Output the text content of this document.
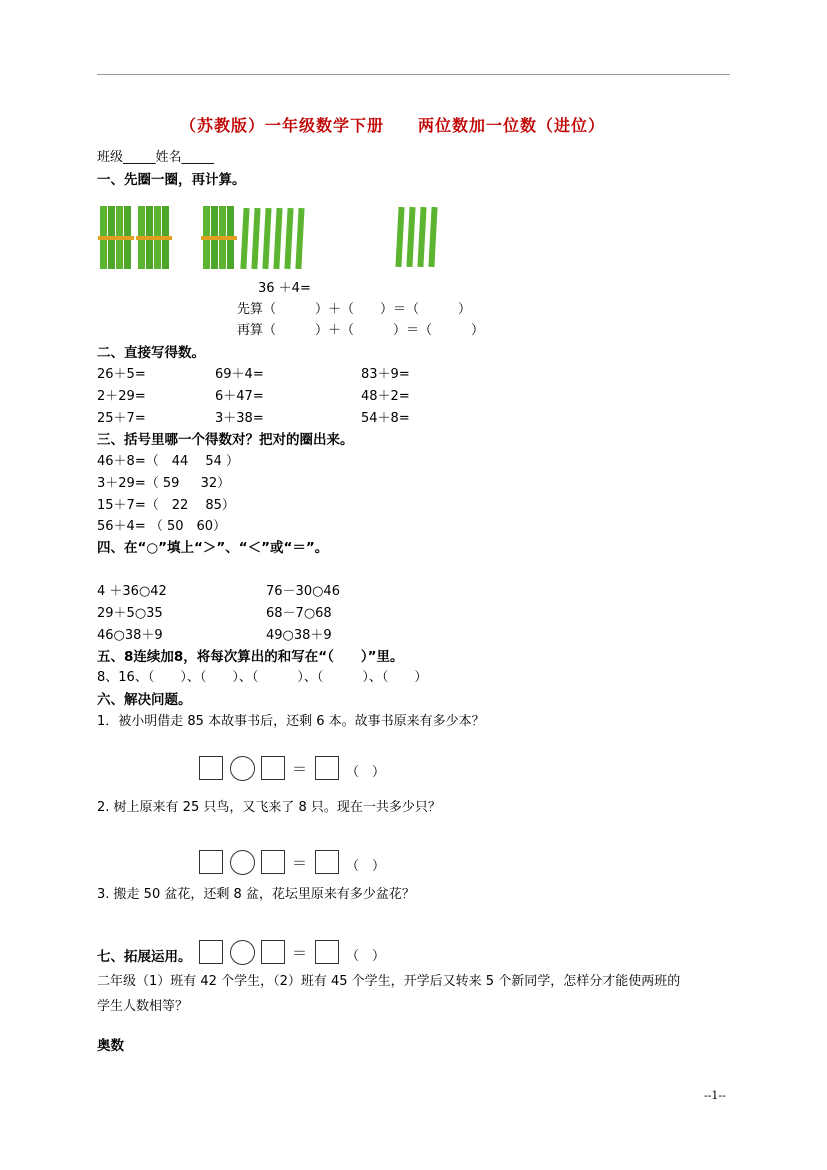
（苏教版）一年级数学下册　　两位数加一位数（进位）
班级_____姓名_____
一、先圈一圈，再计算。
36 ＋4=
先算（　　　）＋（　　）＝（　　　）
再算（　　　）＋（　　　）＝（　　　）
二、直接写得数。
26＋5=	69＋4=	83＋9=
2＋29=	6＋47=	48＋2=
25＋7=	3＋38=	54＋8=
三、括号里哪一个得数对？把对的圈出来。
46＋8=（　44　 54 ）
3＋29=（ 59　  32）
15＋7=（　22　 85）
56＋4= （ 50　60）
四、在“○”填上“＞”、“＜”或“＝”。
4 ＋36○42	76－30○46
29＋5○35	68－7○68
46○38＋9	49○38＋9
五、8连续加8，将每次算出的和写在“（　　）”里。
8、16、（　　）、（　　）、（　　　）、（　　　）、（　　）
六、解决问题。
1．被小明借走 85 本故事书后，还剩 6 本。故事书原来有多少本？
＝	（　）
2. 树上原来有 25 只鸟，又飞来了 8 只。现在一共多少只？
＝	（　）
3. 搬走 50 盆花，还剩 8 盆，花坛里原来有多少盆花？
七、拓展运用。	＝	（　）
二年级（1）班有 42 个学生，（2）班有 45 个学生，开学后又转来 5 个新同学，怎样分才能使两班的
学生人数相等？
奥数
--1--
